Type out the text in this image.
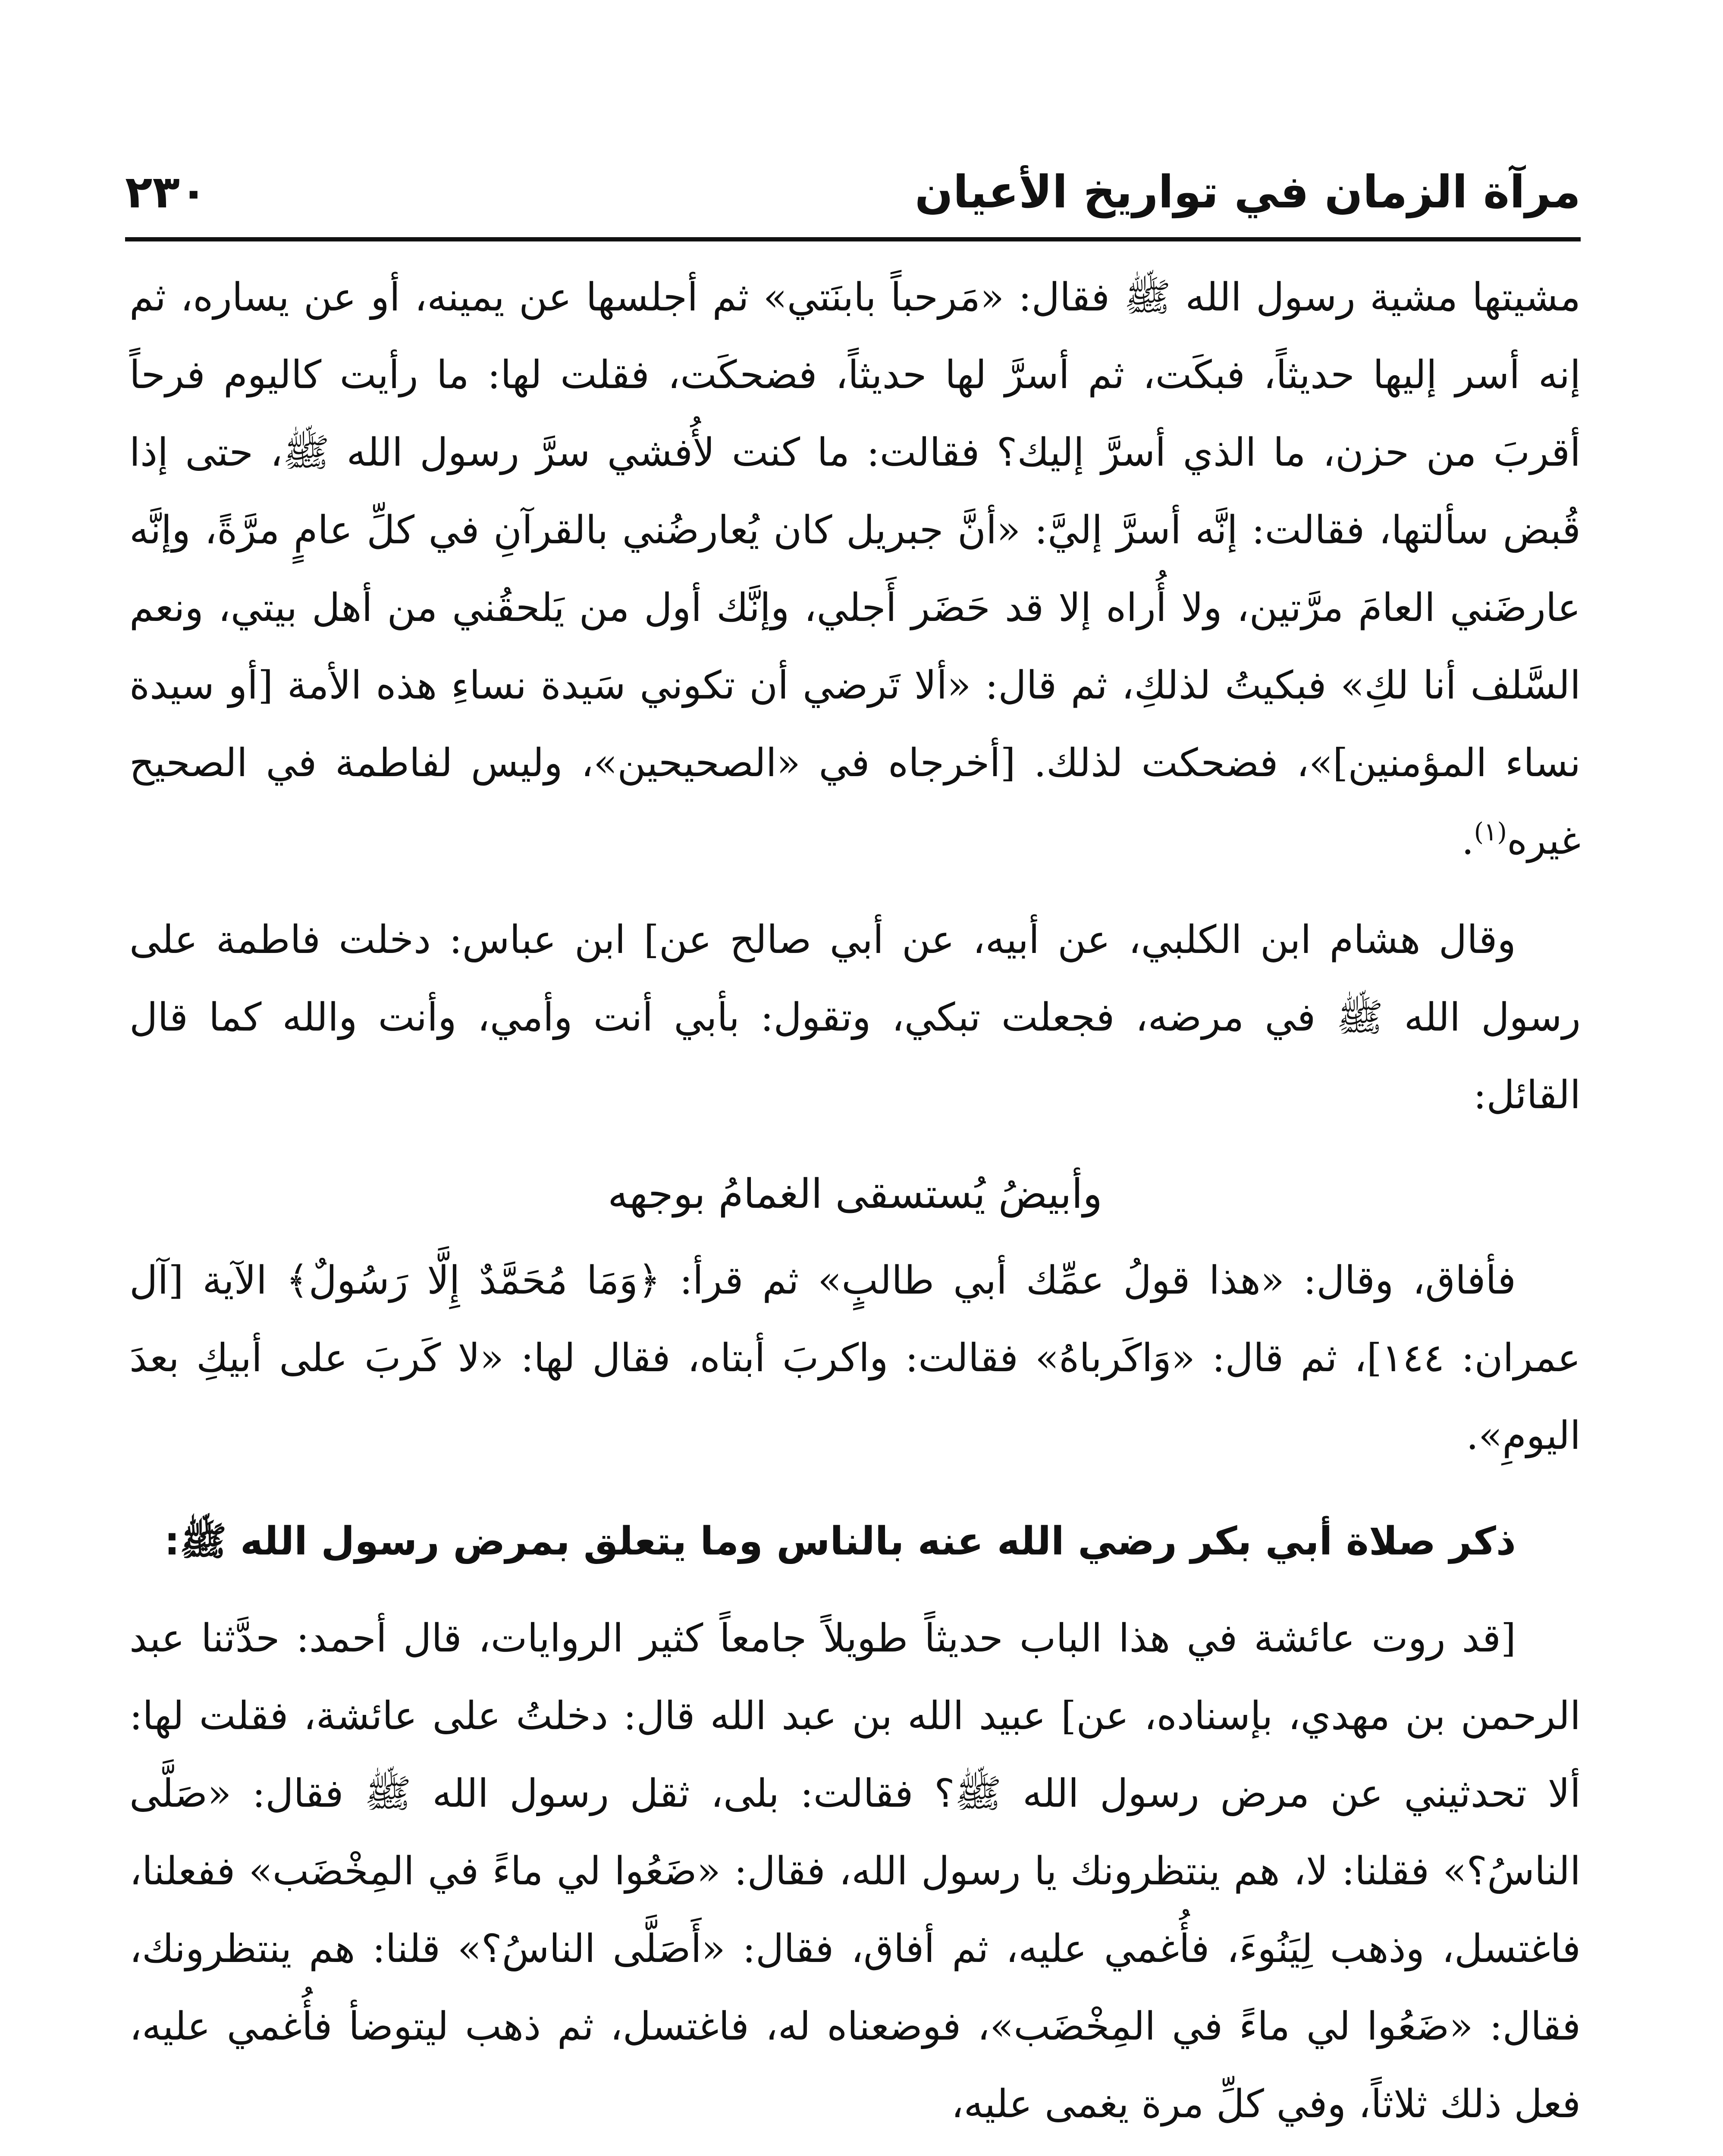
مرآة الزمان في تواريخ الأعيان
٢٣٠

مشيتها مشية رسول الله ﷺ فقال: «مَرحباً بابنَتي» ثم أجلسها عن يمينه، أو عن يساره، ثم إنه أسر إليها حديثاً، فبكَت، ثم أسرَّ لها حديثاً، فضحكَت، فقلت لها: ما رأيت كاليوم فرحاً أقربَ من حزن، ما الذي أسرَّ إليك؟ فقالت: ما كنت لأُفشي سرَّ رسول الله ﷺ، حتى إذا قُبض سألتها، فقالت: إنَّه أسرَّ إليَّ: «أنَّ جبريل كان يُعارضُني بالقرآنِ في كلِّ عامٍ مرَّةً، وإنَّه عارضَني العامَ مرَّتين، ولا أُراه إلا قد حَضَر أَجلي، وإنَّك أول من يَلحقُني من أهل بيتي، ونعم السَّلف أنا لكِ» فبكيتُ لذلكِ، ثم قال: «ألا تَرضي أن تكوني سَيدة نساءِ هذه الأمة [أو سيدة نساء المؤمنين]»، فضحكت لذلك. [أخرجاه في «الصحيحين»، وليس لفاطمة في الصحيح غيره$^{(١)}$.

وقال هشام ابن الكلبي، عن أبيه، عن أبي صالح عن] ابن عباس: دخلت فاطمة على رسول الله ﷺ في مرضه، فجعلت تبكي، وتقول: بأبي أنت وأمي، وأنت والله كما قال القائل:

وأبيضُ يُستسقى الغمامُ بوجهه

فأفاق، وقال: «هذا قولُ عمِّك أبي طالبٍ» ثم قرأ: ﴿وَمَا مُحَمَّدٌ إِلَّا رَسُولٌ﴾ الآية [آل عمران: ١٤٤]، ثم قال: «وَاكَرباهُ» فقالت: واكربَ أبتاه، فقال لها: «لا كَربَ على أبيكِ بعدَ اليومِ».

ذكر صلاة أبي بكر رضي الله عنه بالناس وما يتعلق بمرض رسول الله ﷺ:

[قد روت عائشة في هذا الباب حديثاً طويلاً جامعاً كثير الروايات، قال أحمد: حدَّثنا عبد الرحمن بن مهدي، بإسناده، عن] عبيد الله بن عبد الله قال: دخلتُ على عائشة، فقلت لها: ألا تحدثيني عن مرض رسول الله ﷺ؟ فقالت: بلى، ثقل رسول الله ﷺ فقال: «صَلَّى الناسُ؟» فقلنا: لا، هم ينتظرونك يا رسول الله، فقال: «ضَعُوا لي ماءً في المِخْضَب» ففعلنا، فاغتسل، وذهب لِيَنُوءَ، فأُغمي عليه، ثم أفاق، فقال: «أَصَلَّى الناسُ؟» قلنا: هم ينتظرونك، فقال: «ضَعُوا لي ماءً في المِخْضَب»، فوضعناه له، فاغتسل، ثم ذهب ليتوضأ فأُغمي عليه، فعل ذلك ثلاثاً، وفي كلِّ مرة يغمى عليه،
